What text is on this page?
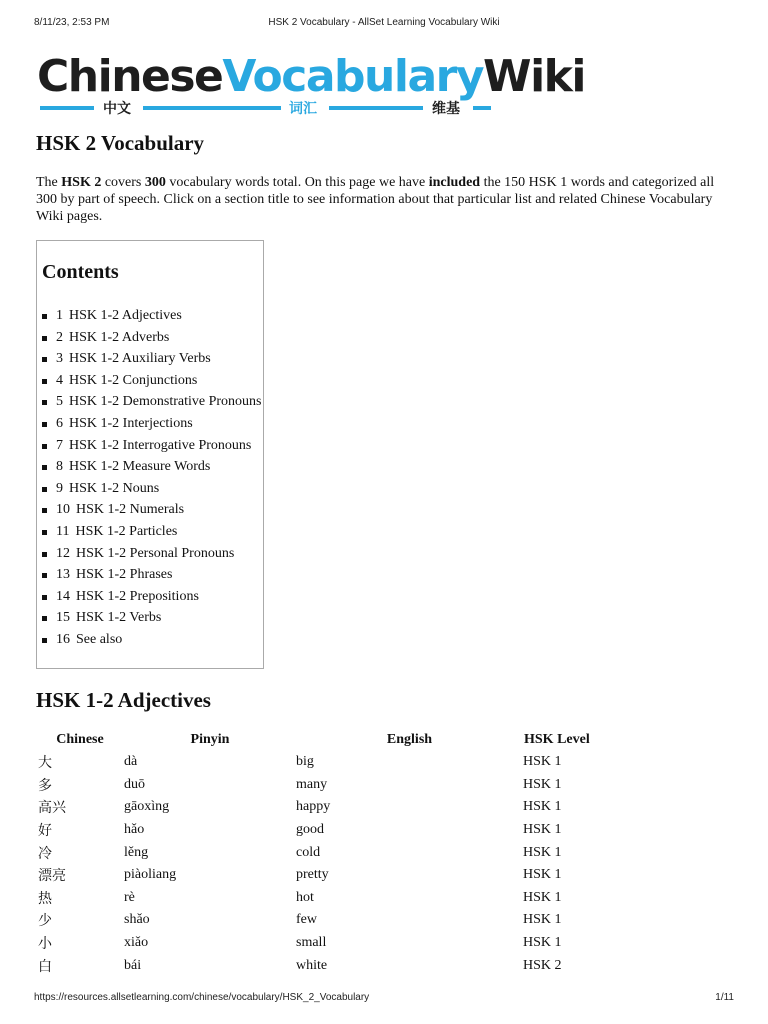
8/11/23, 2:53 PM	HSK 2 Vocabulary - AllSet Learning Vocabulary Wiki
ChineseVocabularyWiki
中文	词汇	维基
HSK 2 Vocabulary

The HSK 2 covers 300 vocabulary words total. On this page we have included the 150 HSK 1 words and categorized all 300 by part of speech. Click on a section title to see information about that particular list and related Chinese Vocabulary Wiki pages.

Contents
1 HSK 1-2 Adjectives
2 HSK 1-2 Adverbs
3 HSK 1-2 Auxiliary Verbs
4 HSK 1-2 Conjunctions
5 HSK 1-2 Demonstrative Pronouns
6 HSK 1-2 Interjections
7 HSK 1-2 Interrogative Pronouns
8 HSK 1-2 Measure Words
9 HSK 1-2 Nouns
10 HSK 1-2 Numerals
11 HSK 1-2 Particles
12 HSK 1-2 Personal Pronouns
13 HSK 1-2 Phrases
14 HSK 1-2 Prepositions
15 HSK 1-2 Verbs
16 See also
HSK 1-2 Adjectives
Chinese	Pinyin	English	HSK Level
大	dà	big	HSK 1
多	duō	many	HSK 1
高兴	gāoxìng	happy	HSK 1
好	hǎo	good	HSK 1
冷	lěng	cold	HSK 1
漂亮	piàoliang	pretty	HSK 1
热	rè	hot	HSK 1
少	shǎo	few	HSK 1
小	xiǎo	small	HSK 1
白	bái	white	HSK 2
https://resources.allsetlearning.com/chinese/vocabulary/HSK_2_Vocabulary	1/11
